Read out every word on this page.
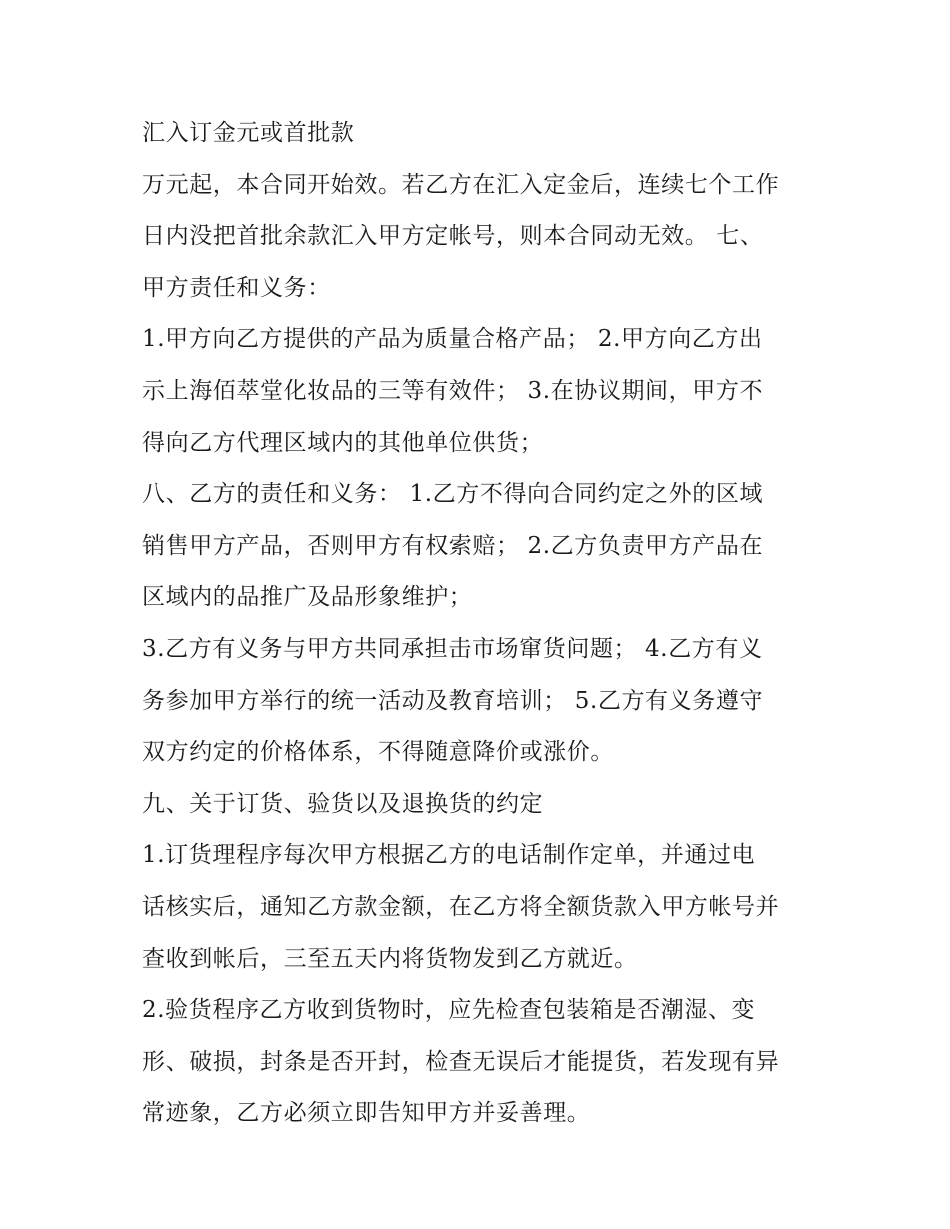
汇入订金元或首批款
万元起，本合同开始效。若乙方在汇入定金后，连续七个工作
日内没把首批余款汇入甲方定帐号，则本合同动无效。 七、
甲方责任和义务：
1.甲方向乙方提供的产品为质量合格产品； 2.甲方向乙方出
示上海佰萃堂化妆品的三等有效件； 3.在协议期间，甲方不
得向乙方代理区域内的其他单位供货；
八、乙方的责任和义务： 1.乙方不得向合同约定之外的区域
销售甲方产品，否则甲方有权索赔； 2.乙方负责甲方产品在
区域内的品推广及品形象维护；
3.乙方有义务与甲方共同承担击市场窜货问题； 4.乙方有义
务参加甲方举行的统一活动及教育培训； 5.乙方有义务遵守
双方约定的价格体系，不得随意降价或涨价。
九、关于订货、验货以及退换货的约定
1.订货理程序每次甲方根据乙方的电话制作定单，并通过电
话核实后，通知乙方款金额，在乙方将全额货款入甲方帐号并
查收到帐后，三至五天内将货物发到乙方就近。
2.验货程序乙方收到货物时，应先检查包装箱是否潮湿、变
形、破损，封条是否开封，检查无误后才能提货，若发现有异
常迹象，乙方必须立即告知甲方并妥善理。
